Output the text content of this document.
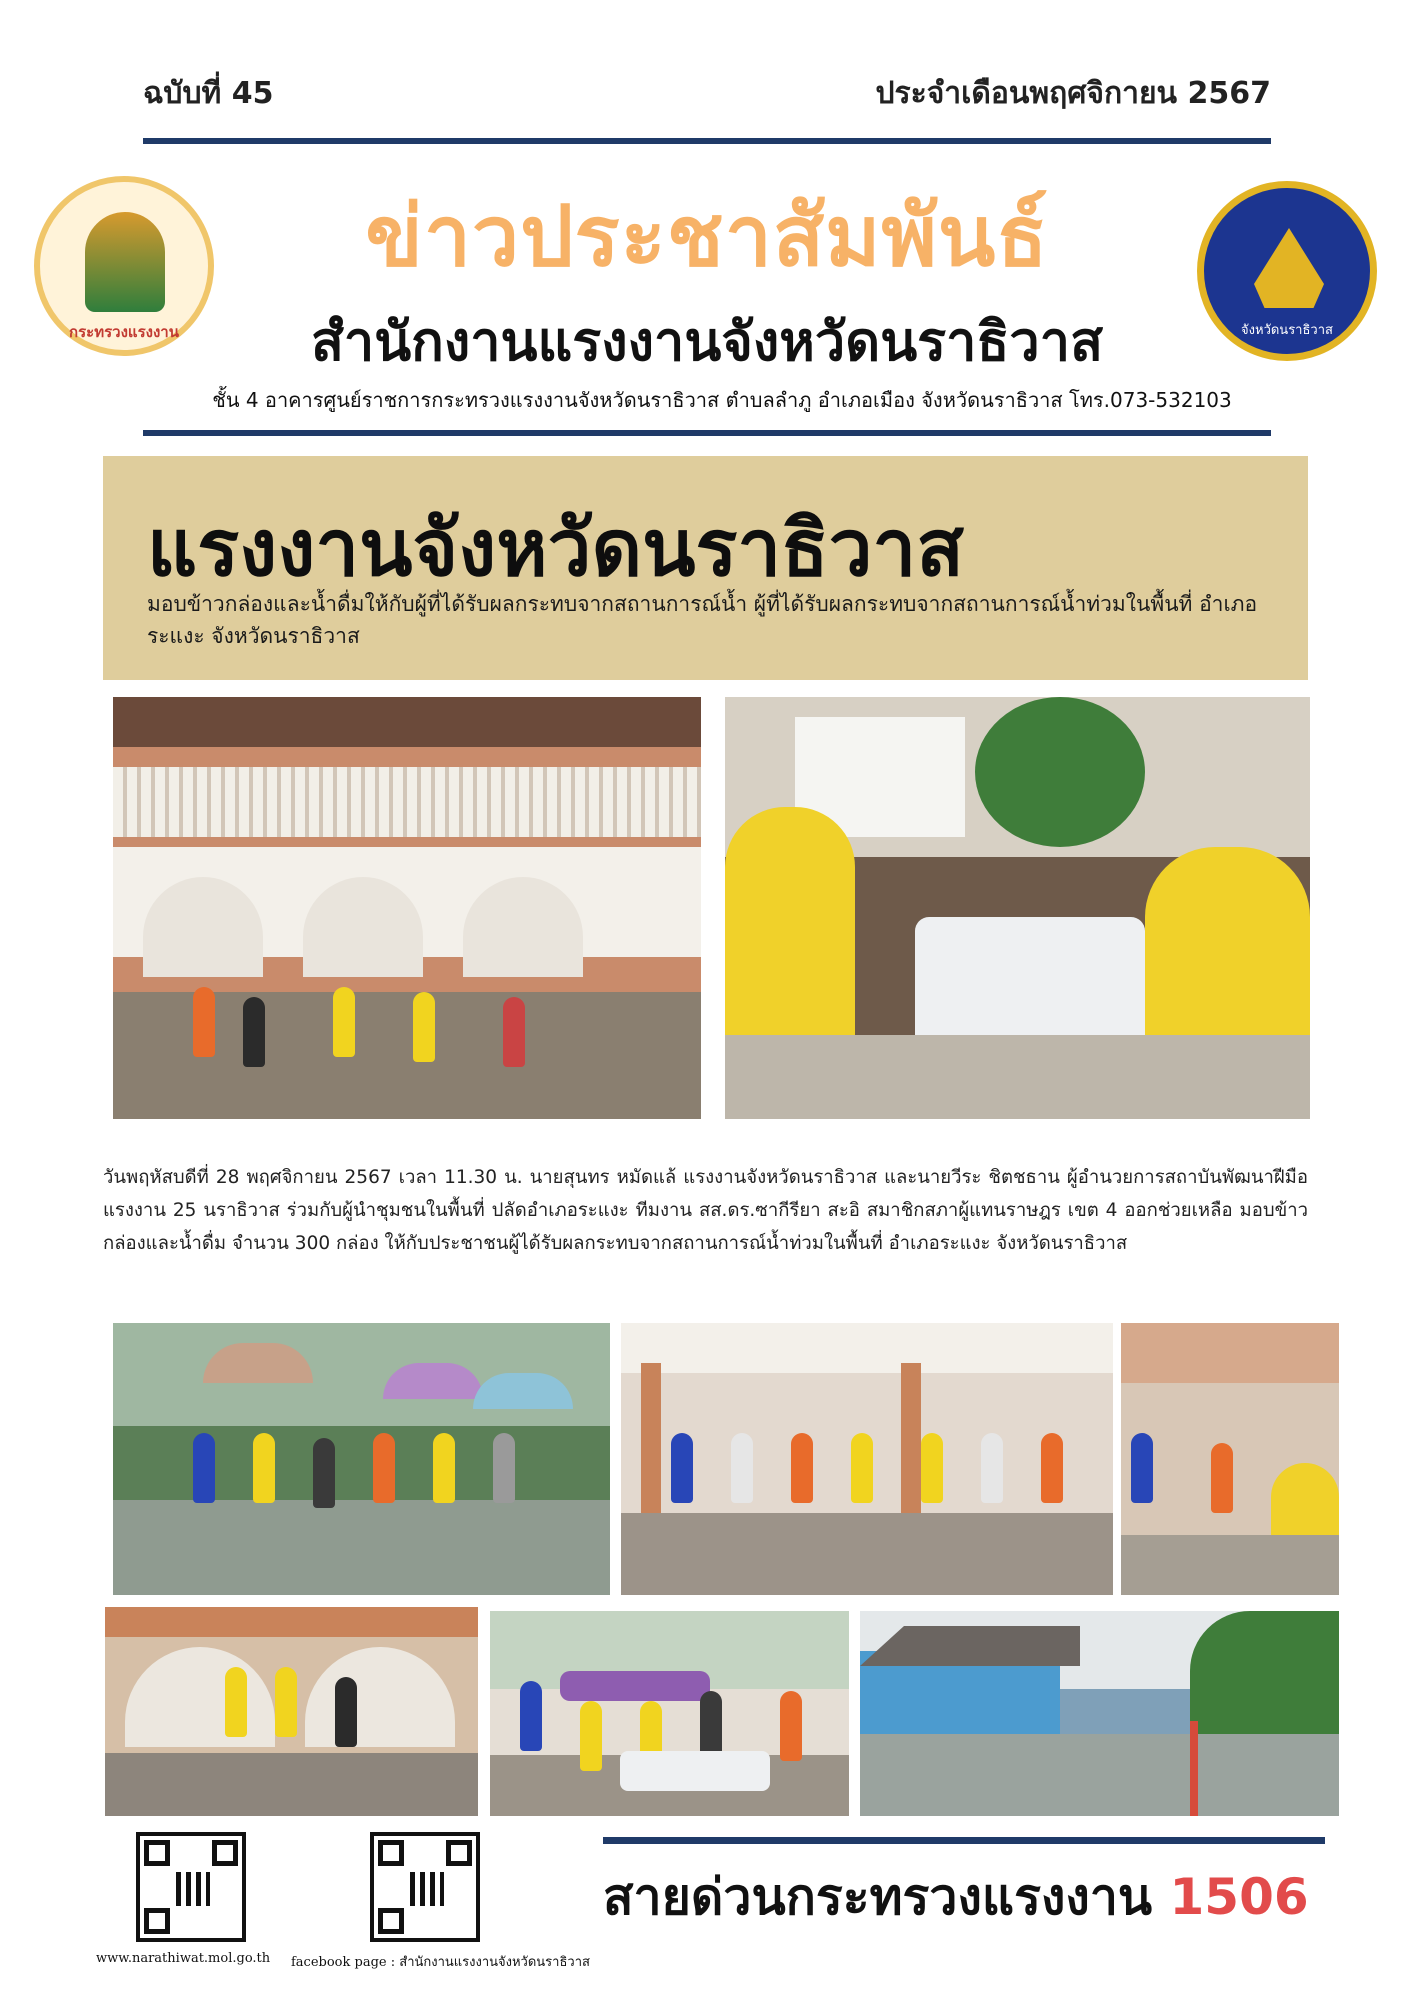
ฉบับที่ 45	ประจำเดือนพฤศจิกายน 2567
กระทรวงแรงงาน
ข่าวประชาสัมพันธ์
สำนักงานแรงงานจังหวัดนราธิวาส	จังหวัดนราธิวาส
ชั้น 4 อาคารศูนย์ราชการกระทรวงแรงงานจังหวัดนราธิวาส ตำบลลำภู อำเภอเมือง จังหวัดนราธิวาส โทร.073-532103
แรงงานจังหวัดนราธิวาส
มอบข้าวกล่องและน้ำดื่มให้กับผู้ที่ได้รับผลกระทบจากสถานการณ์น้ำ ผู้ที่ได้รับผลกระทบจากสถานการณ์น้ำท่วมในพื้นที่ อำเภอระแงะ จังหวัดนราธิวาส
วันพฤหัสบดีที่ 28 พฤศจิกายน 2567 เวลา 11.30 น. นายสุนทร หมัดแล้ แรงงานจังหวัดนราธิวาส และนายวีระ ชิตชธาน ผู้อำนวยการสถาบันพัฒนาฝีมือแรงงาน 25 นราธิวาส ร่วมกับผู้นำชุมชนในพื้นที่ ปลัดอำเภอระแงะ ทีมงาน สส.ดร.ซากีรียา สะอิ สมาชิกสภาผู้แทนราษฎร เขต 4 ออกช่วยเหลือ มอบข้าวกล่องและน้ำดื่ม จำนวน 300 กล่อง ให้กับประชาชนผู้ได้รับผลกระทบจากสถานการณ์น้ำท่วมในพื้นที่ อำเภอระแงะ จังหวัดนราธิวาส
www.narathiwat.mol.go.th facebook page : สำนักงานแรงงานจังหวัดนราธิวาส
สายด่วนกระทรวงแรงงาน 1506
